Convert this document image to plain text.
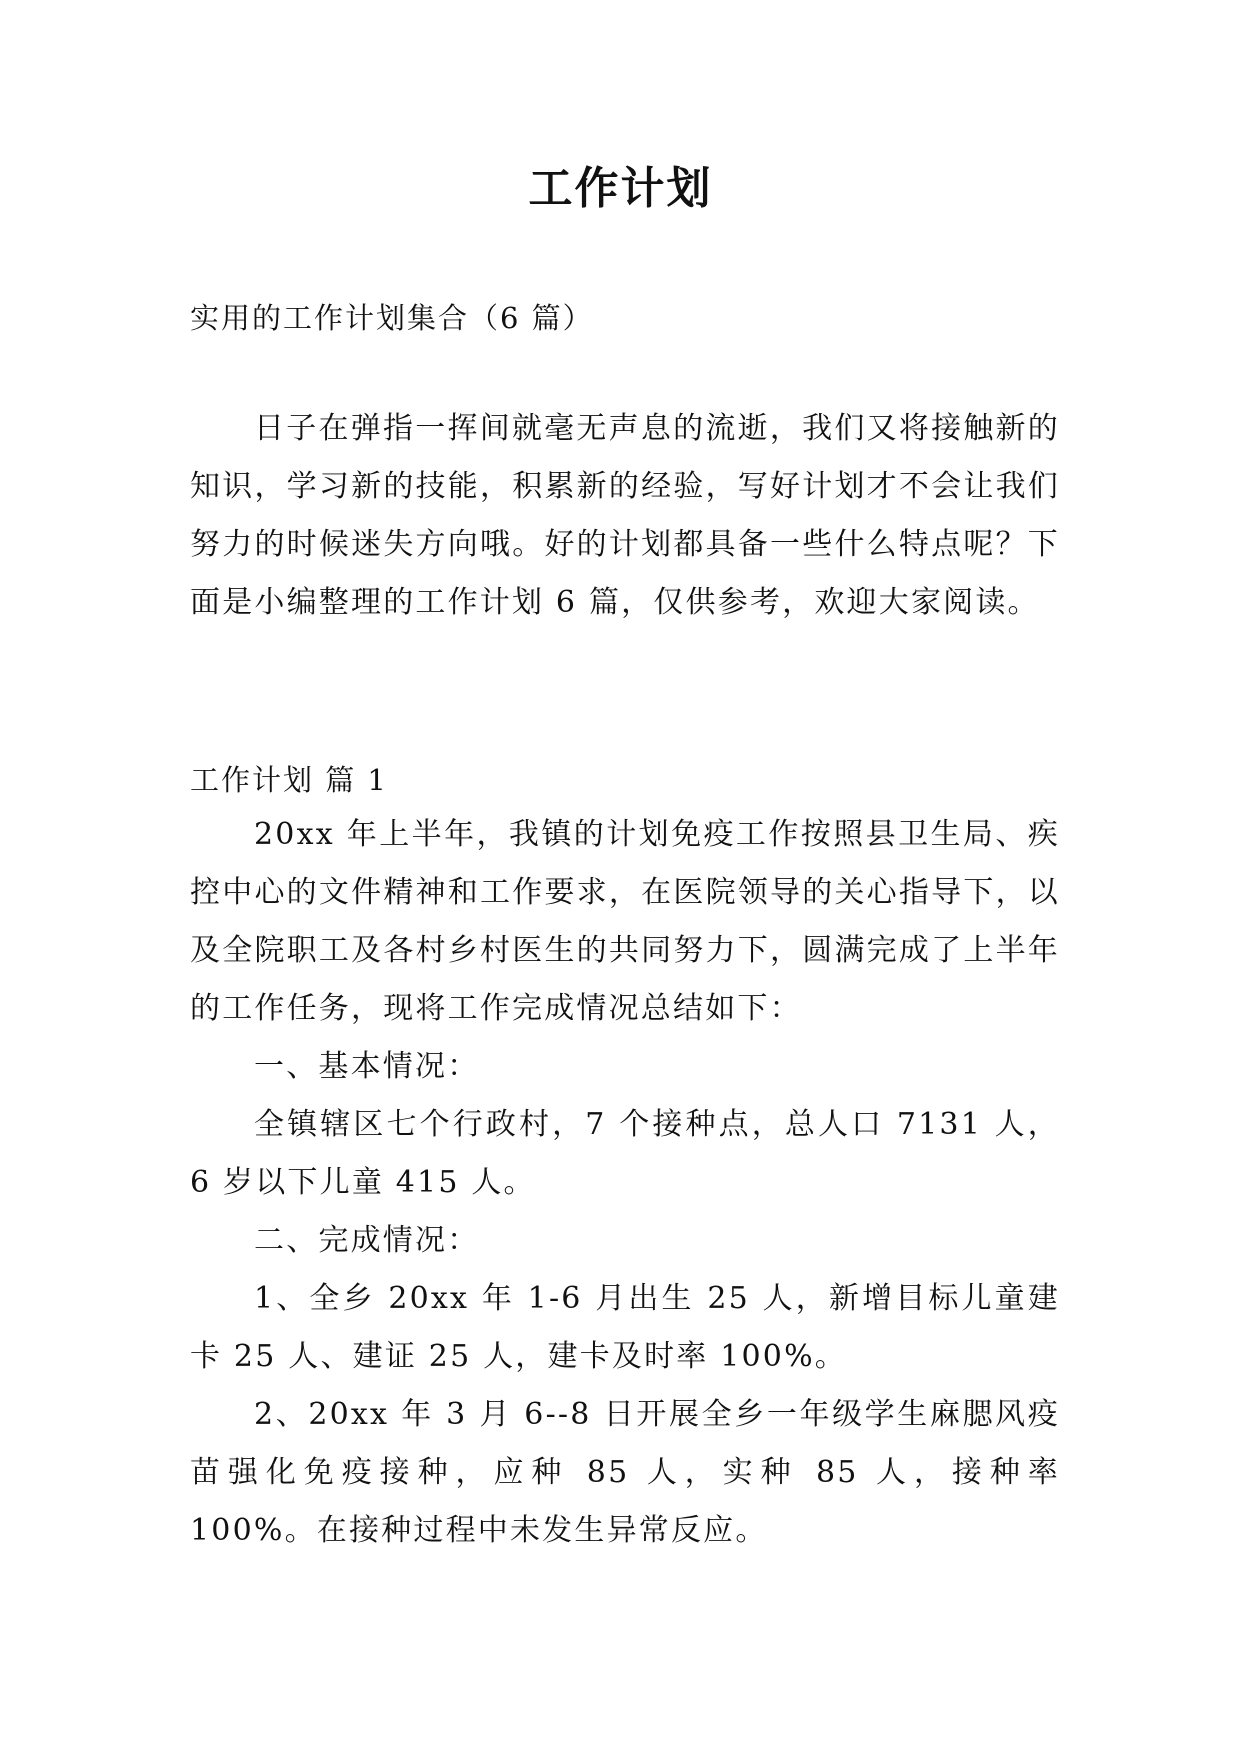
工作计划

实用的工作计划集合（6 篇）

日子在弹指一挥间就毫无声息的流逝，我们又将接触新的知识，学习新的技能，积累新的经验，写好计划才不会让我们努力的时候迷失方向哦。好的计划都具备一些什么特点呢？下面是小编整理的工作计划 6 篇，仅供参考，欢迎大家阅读。

工作计划 篇 1

20xx 年上半年，我镇的计划免疫工作按照县卫生局、疾控中心的文件精神和工作要求，在医院领导的关心指导下，以及全院职工及各村乡村医生的共同努力下，圆满完成了上半年的工作任务，现将工作完成情况总结如下：

一、基本情况：

全镇辖区七个行政村，7 个接种点，总人口 7131 人，6 岁以下儿童 415 人。

二、完成情况：

1、全乡 20xx 年 1-6 月出生 25 人，新增目标儿童建卡 25 人、建证 25 人，建卡及时率 100%。

2、20xx 年 3 月 6--8 日开展全乡一年级学生麻腮风疫苗强化免疫接种，应种 85 人，实种 85 人，接种率 100%。在接种过程中未发生异常反应。
